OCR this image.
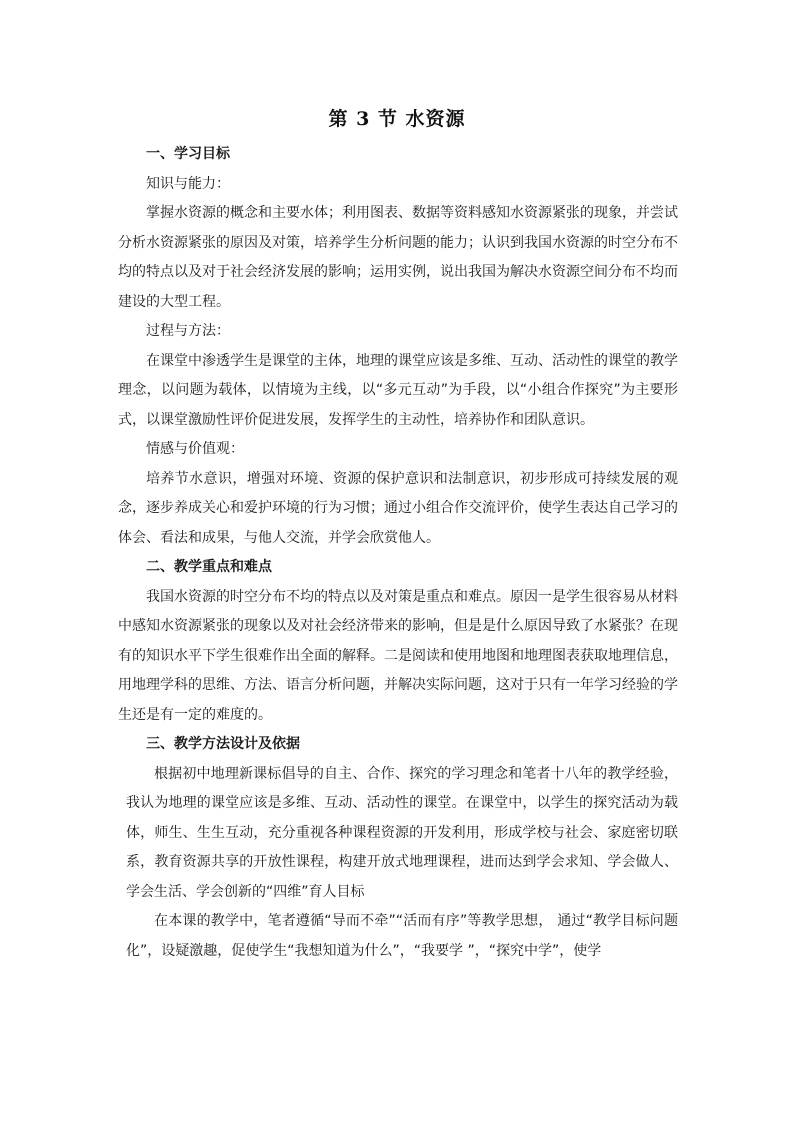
第 3 节 水资源

一、学习目标

知识与能力：

掌握水资源的概念和主要水体；利用图表、数据等资料感知水资源紧张的现象，并尝试分析水资源紧张的原因及对策，培养学生分析问题的能力；认识到我国水资源的时空分布不均的特点以及对于社会经济发展的影响；运用实例，说出我国为解决水资源空间分布不均而建设的大型工程。

过程与方法：

在课堂中渗透学生是课堂的主体，地理的课堂应该是多维、互动、活动性的课堂的教学理念，以问题为载体，以情境为主线，以“多元互动”为手段，以“小组合作探究”为主要形式，以课堂激励性评价促进发展，发挥学生的主动性，培养协作和团队意识。

情感与价值观：

培养节水意识，增强对环境、资源的保护意识和法制意识，初步形成可持续发展的观念，逐步养成关心和爱护环境的行为习惯；通过小组合作交流评价，使学生表达自己学习的体会、看法和成果，与他人交流，并学会欣赏他人。

二、教学重点和难点

我国水资源的时空分布不均的特点以及对策是重点和难点。原因一是学生很容易从材料中感知水资源紧张的现象以及对社会经济带来的影响，但是是什么原因导致了水紧张？在现有的知识水平下学生很难作出全面的解释。二是阅读和使用地图和地理图表获取地理信息，用地理学科的思维、方法、语言分析问题，并解决实际问题，这对于只有一年学习经验的学生还是有一定的难度的。

三、教学方法设计及依据

根据初中地理新课标倡导的自主、合作、探究的学习理念和笔者十八年的教学经验，我认为地理的课堂应该是多维、互动、活动性的课堂。在课堂中，以学生的探究活动为载体，师生、生生互动，充分重视各种课程资源的开发利用，形成学校与社会、家庭密切联系，教育资源共享的开放性课程，构建开放式地理课程，进而达到学会求知、学会做人、学会生活、学会创新的“四维”育人目标

在本课的教学中，笔者遵循“导而不牵”“活而有序”等教学思想， 通过“教学目标问题化”，设疑激趣，促使学生“我想知道为什么”，“我要学 ”，“探究中学”，使学
